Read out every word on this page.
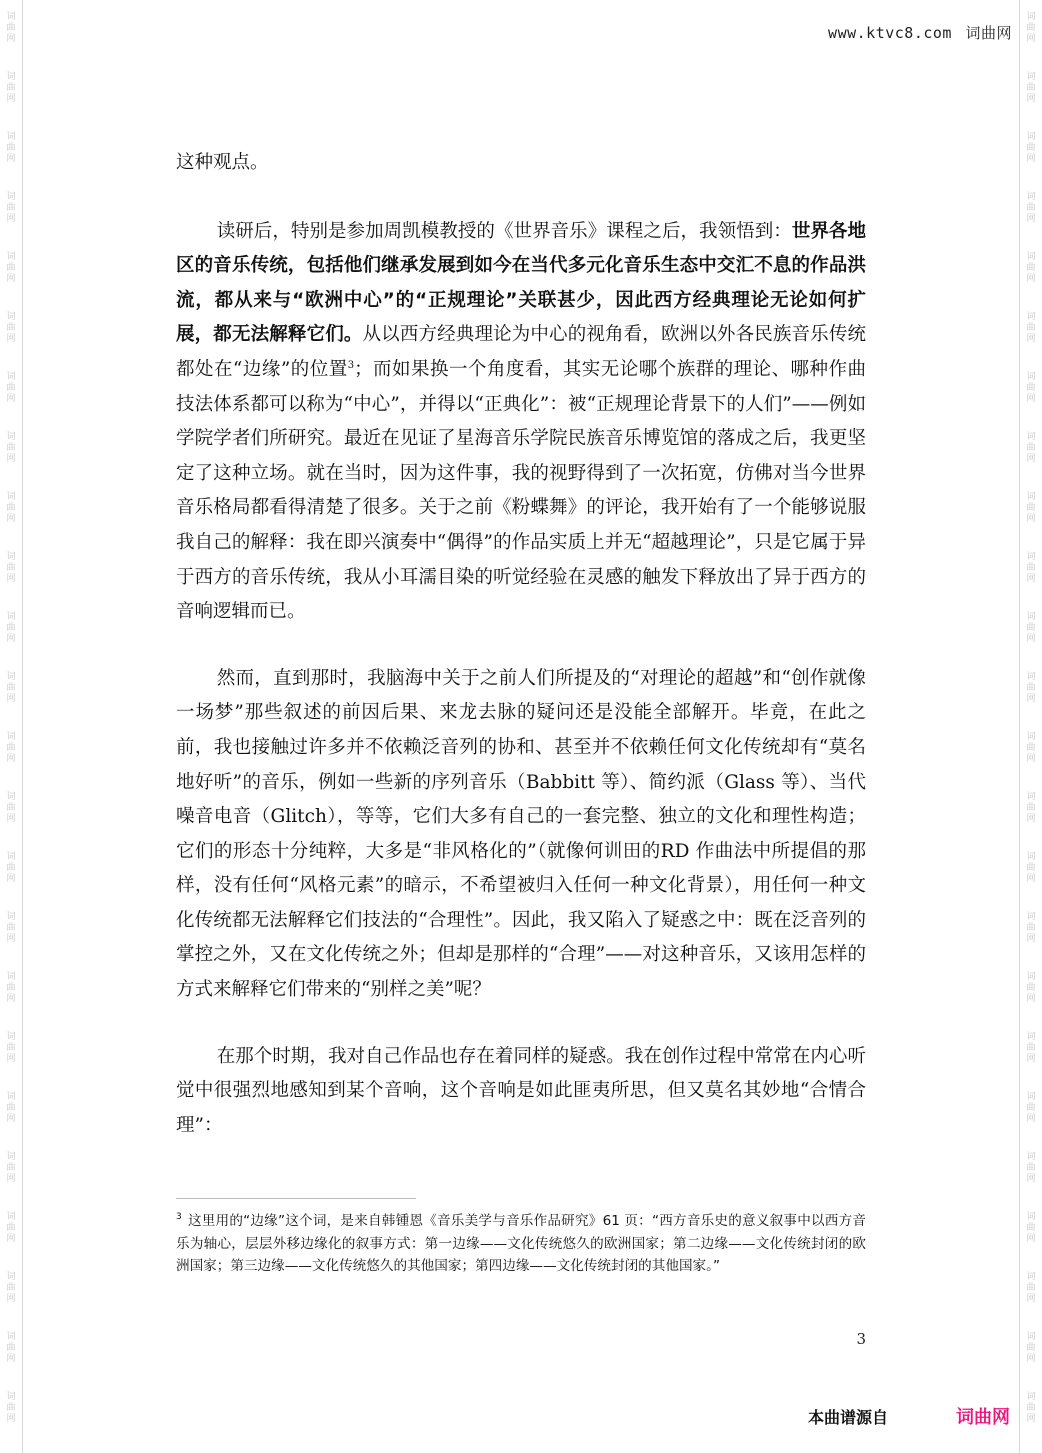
词
曲
网
词
曲
网
词
曲
网
词
曲
网
词
曲
网
词
曲
网
词
曲
网
词
曲
网
词
曲
网
词
曲
网
词
曲
网
词
曲
网
词
曲
网
词
曲
网
词
曲
网
词
曲
网
词
曲
网
词
曲
网
词
曲
网
词
曲
网
词
曲
网
词
曲
网
词
曲
网
词
曲
网
词
曲
网
词
曲
网
词
曲
网
词
曲
网
词
曲
网
词
曲
网
词
曲
网
词
曲
网
词
曲
网
词
曲
网
词
曲
网
词
曲
网
词
曲
网
词
曲
网
词
曲
网
词
曲
网
词
曲
网
词
曲
网
词
曲
网
词
曲
网
词
曲
网
词
曲
网
词
曲
网
词
曲
网
www.ktvc8.com 词曲网

这种观点。

读研后，特别是参加周凯模教授的《世界音乐》课程之后，我领悟到：世界各地区的音乐传统，包括他们继承发展到如今在当代多元化音乐生态中交汇不息的作品洪流，都从来与“欧洲中心”的“正规理论”关联甚少，因此西方经典理论无论如何扩展，都无法解释它们。从以西方经典理论为中心的视角看，欧洲以外各民族音乐传统都处在“边缘”的位置$^3$；而如果换一个角度看，其实无论哪个族群的理论、哪种作曲技法体系都可以称为“中心”，并得以“正典化”：被“正规理论背景下的人们”——例如学院学者们所研究。最近在见证了星海音乐学院民族音乐博览馆的落成之后，我更坚定了这种立场。就在当时，因为这件事，我的视野得到了一次拓宽，仿佛对当今世界音乐格局都看得清楚了很多。关于之前《粉蝶舞》的评论，我开始有了一个能够说服我自己的解释：我在即兴演奏中“偶得”的作品实质上并无“超越理论”，只是它属于异于西方的音乐传统，我从小耳濡目染的听觉经验在灵感的触发下释放出了异于西方的音响逻辑而已。

然而，直到那时，我脑海中关于之前人们所提及的“对理论的超越”和“创作就像一场梦”那些叙述的前因后果、来龙去脉的疑问还是没能全部解开。毕竟，在此之前，我也接触过许多并不依赖泛音列的协和、甚至并不依赖任何文化传统却有“莫名地好听”的音乐，例如一些新的序列音乐（Babbitt 等）、简约派（Glass 等）、当代噪音电音（Glitch），等等，它们大多有自己的一套完整、独立的文化和理性构造；它们的形态十分纯粹，大多是“非风格化的”（就像何训田的RD 作曲法中所提倡的那样，没有任何“风格元素”的暗示，不希望被归入任何一种文化背景），用任何一种文化传统都无法解释它们技法的“合理性”。因此，我又陷入了疑惑之中：既在泛音列的掌控之外，又在文化传统之外；但却是那样的“合理”——对这种音乐，又该用怎样的方式来解释它们带来的“别样之美”呢？

在那个时期，我对自己作品也存在着同样的疑惑。我在创作过程中常常在内心听觉中很强烈地感知到某个音响，这个音响是如此匪夷所思，但又莫名其妙地“合情合理”：

$^3$ 这里用的“边缘”这个词，是来自韩锺恩《音乐美学与音乐作品研究》61 页：“西方音乐史的意义叙事中以西方音乐为轴心，层层外移边缘化的叙事方式：第一边缘——文化传统悠久的欧洲国家；第二边缘——文化传统封闭的欧洲国家；第三边缘——文化传统悠久的其他国家；第四边缘——文化传统封闭的其他国家。”
3
本曲谱源自	词曲网
